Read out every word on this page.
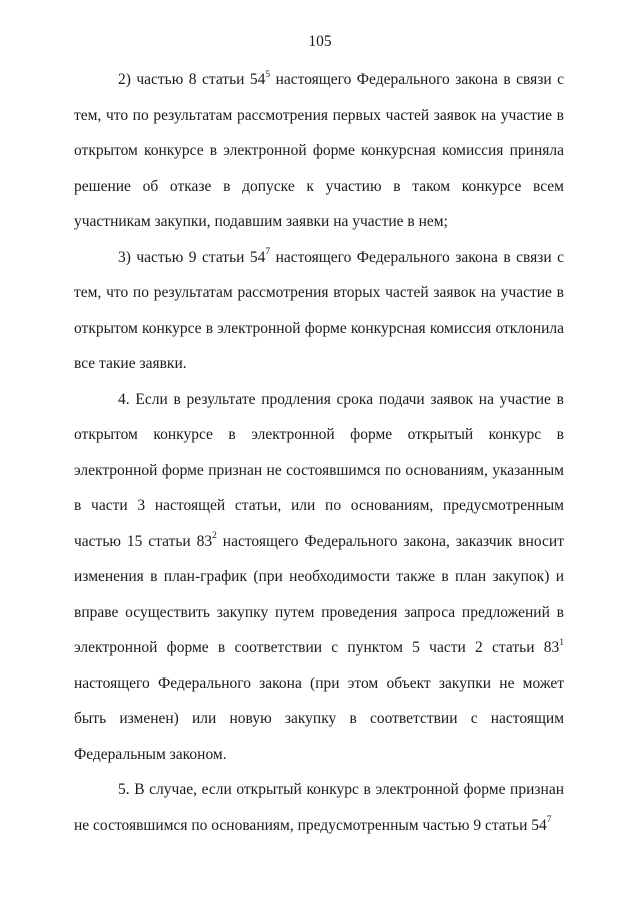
105

2) частью 8 статьи $54^5$ настоящего Федерального закона в связи с тем, что по результатам рассмотрения первых частей заявок на участие в открытом конкурсе в электронной форме конкурсная комиссия приняла решение об отказе в допуске к участию в таком конкурсе всем участникам закупки, подавшим заявки на участие в нем;

3) частью 9 статьи $54^7$ настоящего Федерального закона в связи с тем, что по результатам рассмотрения вторых частей заявок на участие в открытом конкурсе в электронной форме конкурсная комиссия отклонила все такие заявки.

4. Если в результате продления срока подачи заявок на участие в открытом конкурсе в электронной форме открытый конкурс в электронной форме признан не состоявшимся по основаниям, указанным в части 3 настоящей статьи, или по основаниям, предусмотренным частью 15 статьи $83^2$ настоящего Федерального закона, заказчик вносит изменения в план-график (при необходимости также в план закупок) и вправе осуществить закупку путем проведения запроса предложений в электронной форме в соответствии с пунктом 5 части 2 статьи $83^1$ настоящего Федерального закона (при этом объект закупки не может быть изменен) или новую закупку в соответствии с настоящим Федеральным законом.

5. В случае, если открытый конкурс в электронной форме признан не состоявшимся по основаниям, предусмотренным частью 9 статьи $54^7$
